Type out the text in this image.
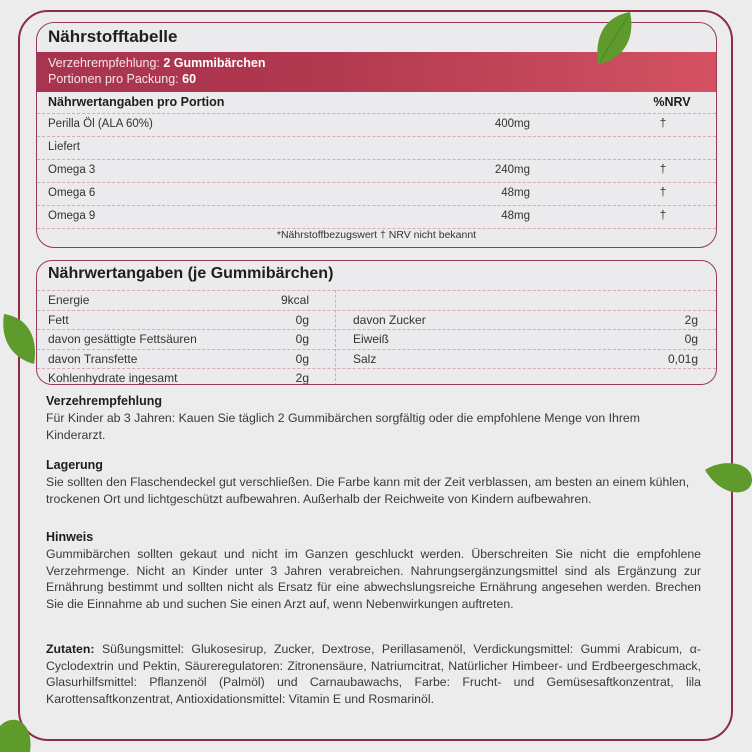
Nährstofftabelle
Verzehrempfehlung: 2 Gummibärchen
Portionen pro Packung: 60
Nährwertangaben pro Portion	%NRV
Perilla Öl (ALA 60%)	400mg	†
Liefert
Omega 3	240mg	†
Omega 6	48mg	†
Omega 9	48mg	†
*Nährstoffbezugswert † NRV nicht bekannt
Nährwertangaben (je Gummibärchen)
Energie	9kcal
Fett	0g	davon Zucker	2g
davon gesättigte Fettsäuren	0g	Eiweiß	0g
davon Transfette	0g	Salz	0,01g
Kohlenhydrate ingesamt	2g
Verzehrempfehlung

Für Kinder ab 3 Jahren: Kauen Sie täglich 2 Gummibärchen sorgfältig oder die empfohlene Menge von Ihrem Kinderarzt.

Lagerung

Sie sollten den Flaschendeckel gut verschließen. Die Farbe kann mit der Zeit verblassen, am besten an einem kühlen, trockenen Ort und lichtgeschützt aufbewahren. Außerhalb der Reichweite von Kindern aufbewahren.

Hinweis

Gummibärchen sollten gekaut und nicht im Ganzen geschluckt werden. Überschreiten Sie nicht die empfohlene Verzehrmenge. Nicht an Kinder unter 3 Jahren verabreichen. Nahrungsergänzungsmittel sind als Ergänzung zur Ernährung bestimmt und sollten nicht als Ersatz für eine abwechslungsreiche Ernährung angesehen werden. Brechen Sie die Einnahme ab und suchen Sie einen Arzt auf, wenn Nebenwirkungen auftreten.

Zutaten: Süßungsmittel: Glukosesirup, Zucker, Dextrose, Perillasamenöl, Verdickungsmittel: Gummi Arabicum, α-Cyclodextrin und Pektin, Säureregulatoren: Zitronensäure, Natriumcitrat, Natürlicher Himbeer- und Erdbeergeschmack, Glasurhilfsmittel: Pflanzenöl (Palmöl) und Carnaubawachs, Farbe: Frucht- und Gemüsesaftkonzentrat, lila Karottensaftkonzentrat, Antioxidationsmittel: Vitamin E und Rosmarinöl.
